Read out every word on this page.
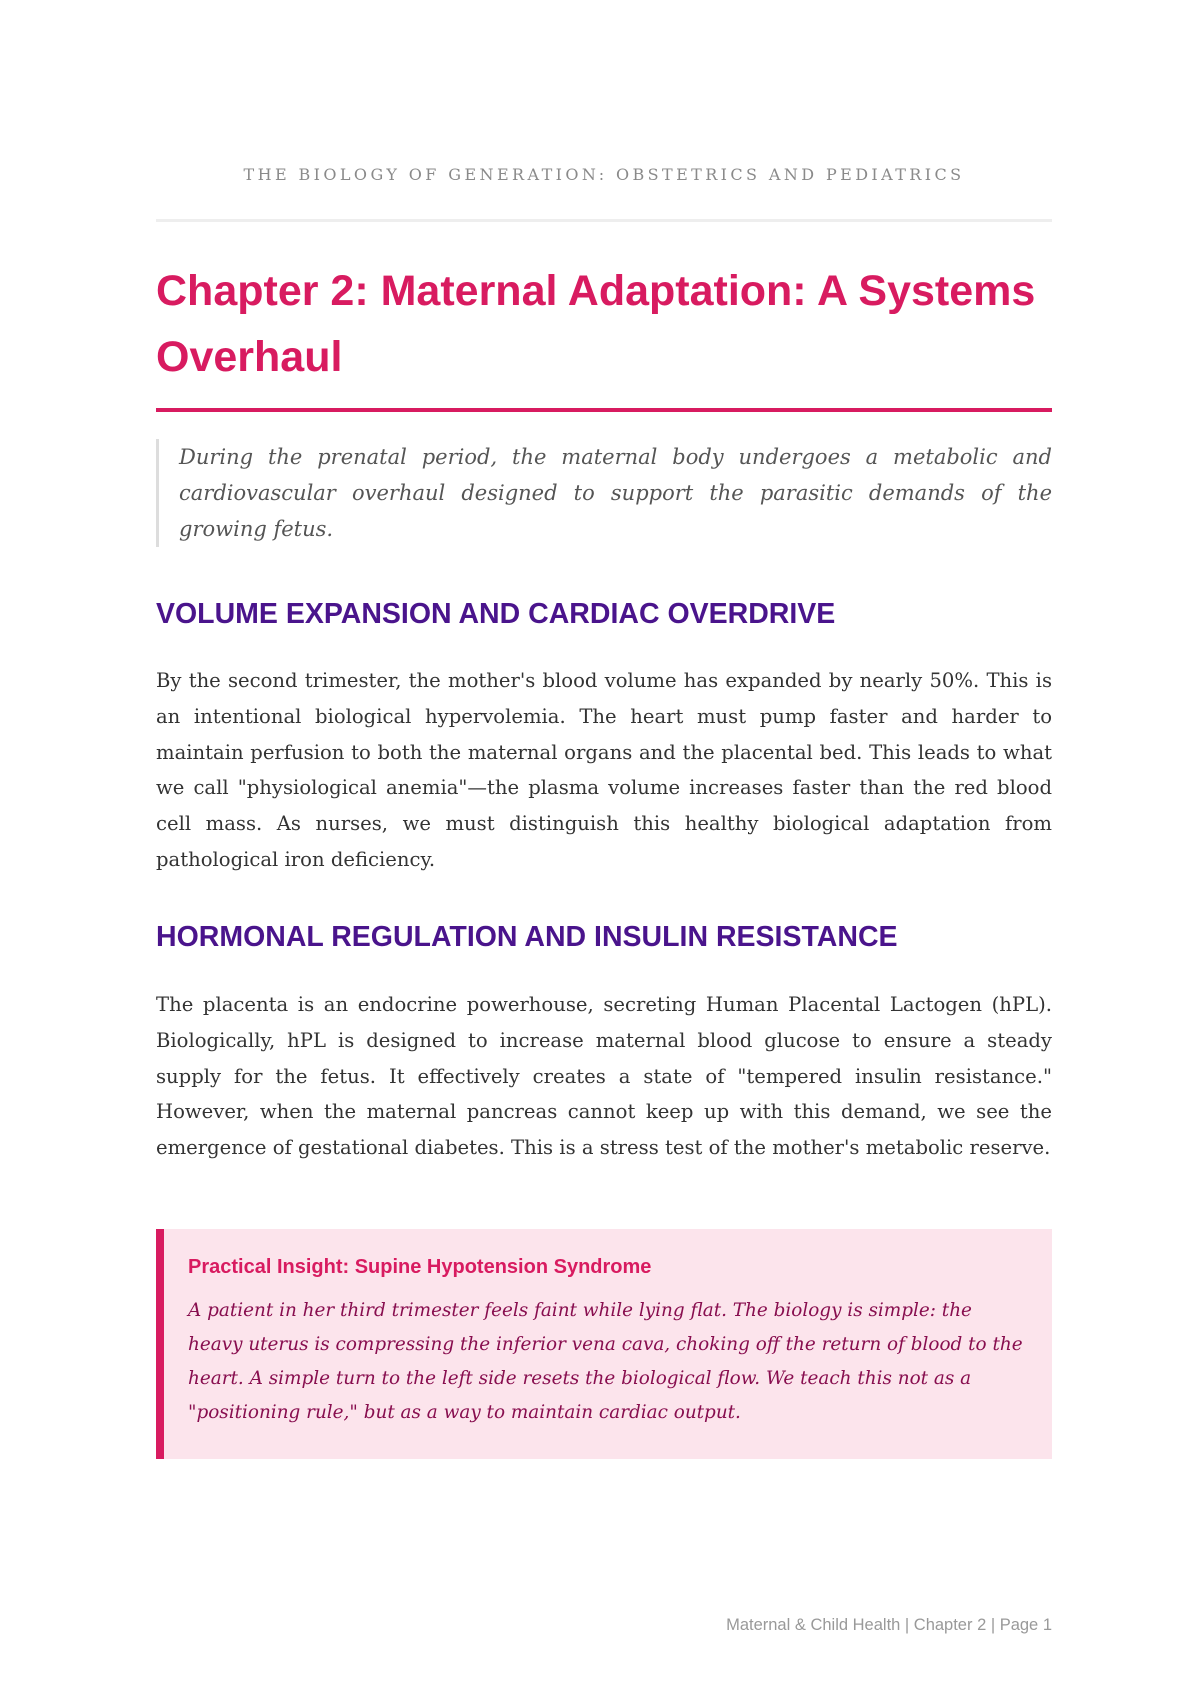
THE BIOLOGY OF GENERATION: OBSTETRICS AND PEDIATRICS
Chapter 2: Maternal Adaptation: A Systems Overhaul

During the prenatal period, the maternal body undergoes a metabolic and cardiovascular overhaul designed to support the parasitic demands of the growing fetus.

VOLUME EXPANSION AND CARDIAC OVERDRIVE

By the second trimester, the mother's blood volume has expanded by nearly 50%. This is an intentional biological hypervolemia. The heart must pump faster and harder to maintain perfusion to both the maternal organs and the placental bed. This leads to what we call "physiological anemia"—the plasma volume increases faster than the red blood cell mass. As nurses, we must distinguish this healthy biological adaptation from pathological iron deficiency.

HORMONAL REGULATION AND INSULIN RESISTANCE

The placenta is an endocrine powerhouse, secreting Human Placental Lactogen (hPL). Biologically, hPL is designed to increase maternal blood glucose to ensure a steady supply for the fetus. It effectively creates a state of "tempered insulin resistance." However, when the maternal pancreas cannot keep up with this demand, we see the emergence of gestational diabetes. This is a stress test of the mother's metabolic reserve.

Practical Insight: Supine Hypotension Syndrome

A patient in her third trimester feels faint while lying flat. The biology is simple: the heavy uterus is compressing the inferior vena cava, choking off the return of blood to the heart. A simple turn to the left side resets the biological flow. We teach this not as a "positioning rule," but as a way to maintain cardiac output.

Maternal & Child Health | Chapter 2 | Page 1
